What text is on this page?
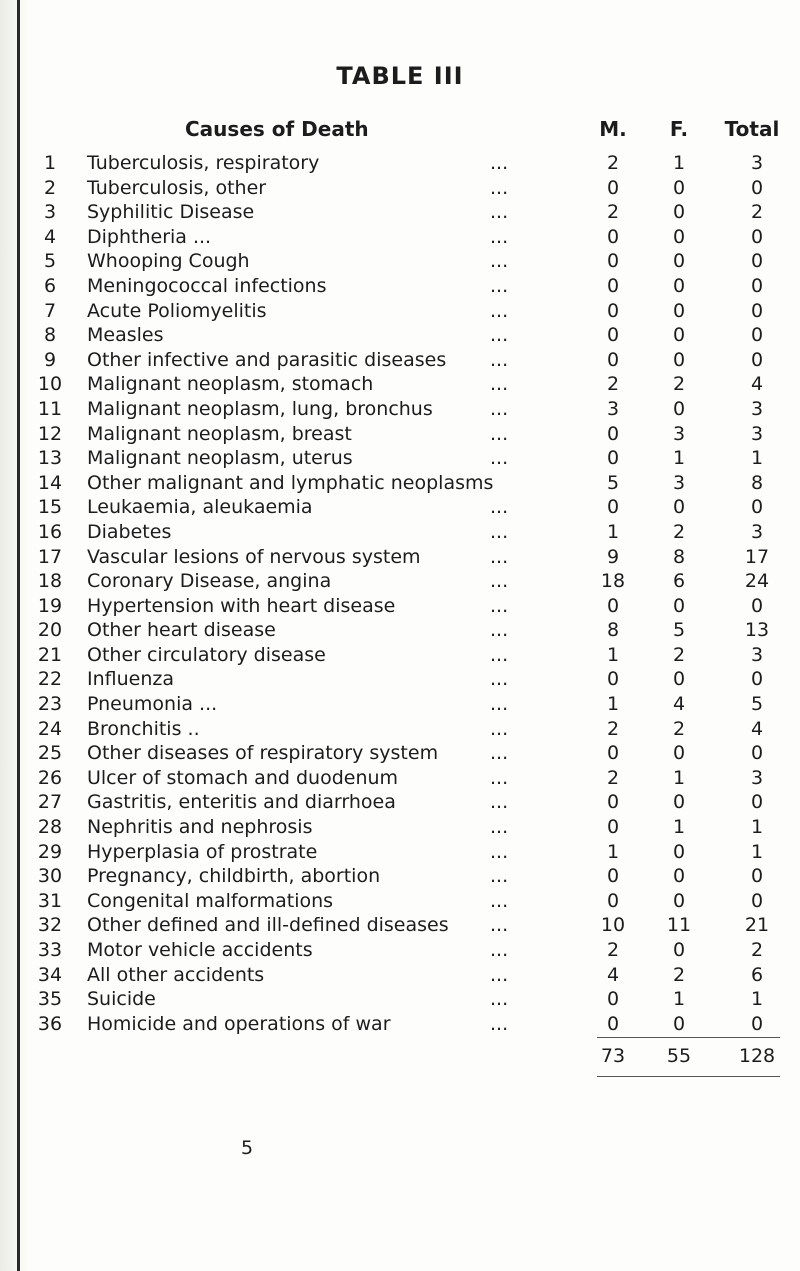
TABLE III
Causes of Death	M.	F.	Total
1	Tuberculosis, respiratory	...	2	1	3
2	Tuberculosis, other	...	0	0	0
3	Syphilitic Disease	...	2	0	2
4	Diphtheria ...	...	0	0	0
5	Whooping Cough	...	0	0	0
6	Meningococcal infections	...	0	0	0
7	Acute Poliomyelitis	...	0	0	0
8	Measles	...	0	0	0
9	Other infective and parasitic diseases ...	0	0	0
10	Malignant neoplasm, stomach	...	2	2	4
11	Malignant neoplasm, lung, bronchus	...	3	0	3
12	Malignant neoplasm, breast	...	0	3	3
13	Malignant neoplasm, uterus	...	0	1	1
14	Other malignant and lymphatic neoplasms	5	3	8
15	Leukaemia, aleukaemia	...	0	0	0
16	Diabetes	...	1	2	3
17	Vascular lesions of nervous system	...	9	8	17
18	Coronary Disease, angina	...	18	6	24
19	Hypertension with heart disease	...	0	0	0
20	Other heart disease	...	8	5	13
21	Other circulatory disease	...	1	2	3
22	Influenza	...	0	0	0
23	Pneumonia ...	...	1	4	5
24	Bronchitis ..	...	2	2	4
25	Other diseases of respiratory system	...	0	0	0
26	Ulcer of stomach and duodenum	...	2	1	3
27	Gastritis, enteritis and diarrhoea	...	0	0	0
28	Nephritis and nephrosis	...	0	1	1
29	Hyperplasia of prostrate	...	1	0	1
30	Pregnancy, childbirth, abortion	...	0	0	0
31	Congenital malformations	...	0	0	0
32	Other defined and ill-defined diseases ...	10	11	21
33	Motor vehicle accidents	...	2	0	2
34	All other accidents	...	4	2	6
35	Suicide	...	0	1	1
36	Homicide and operations of war	...	0	0	0
73	55	128
5
